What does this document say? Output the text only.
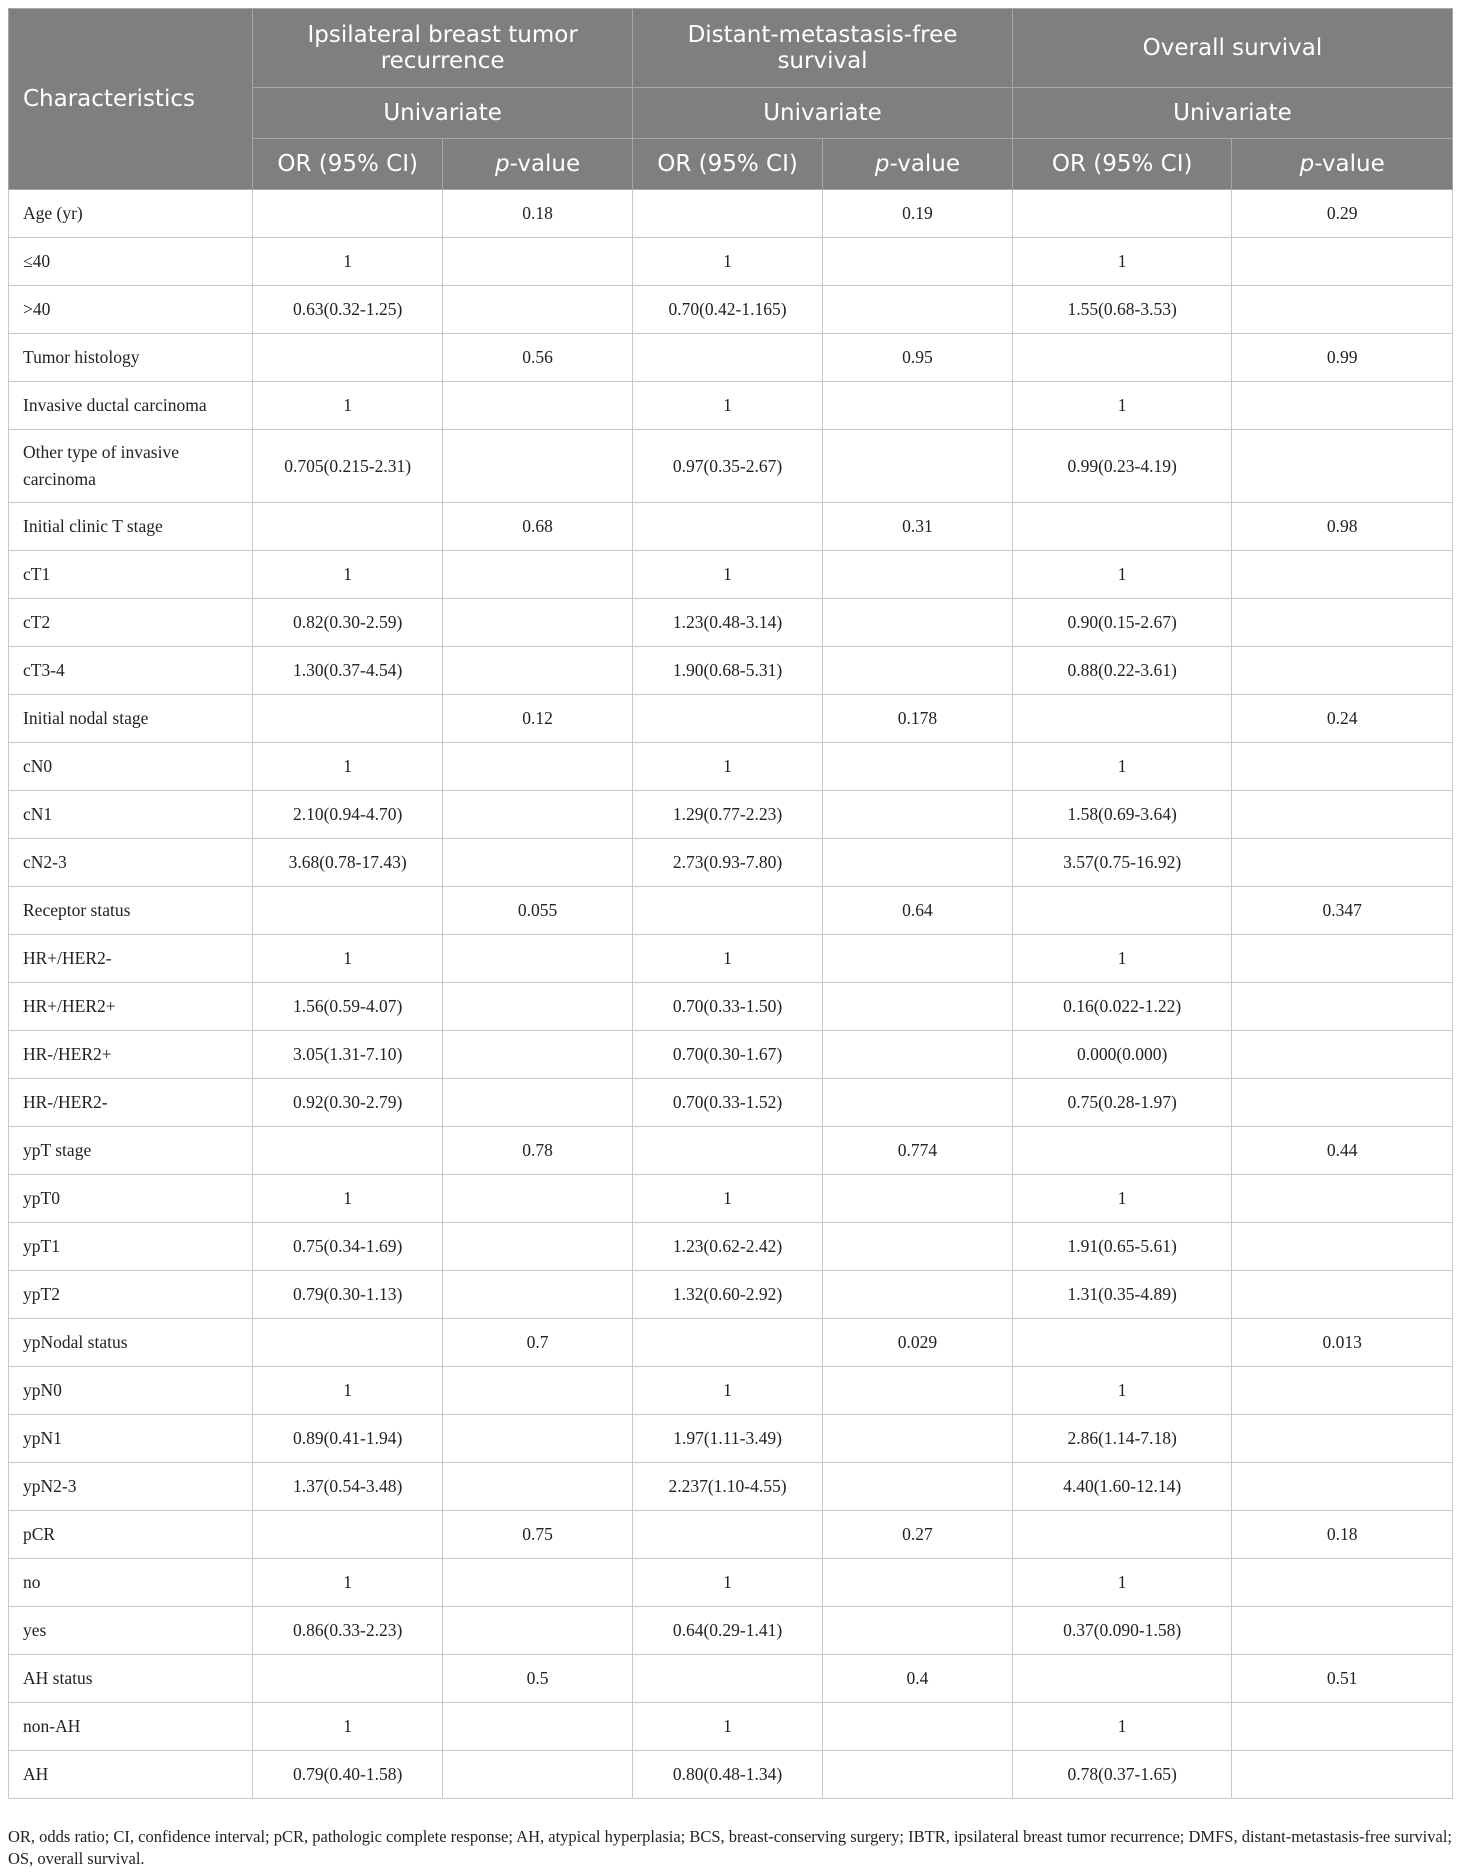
Characteristics	Ipsilateral breast tumor recurrence		Distant-metastasis-free survival		Overall survival	
	Univariate		Univariate		Univariate	
	OR (95% CI)	p-value	OR (95% CI)	p-value	OR (95% CI)	p-value
Age (yr)		0.18		0.19		0.29
≤40	1		1		1	
>40	0.63(0.32-1.25)		0.70(0.42-1.165)		1.55(0.68-3.53)	
Tumor histology		0.56		0.95		0.99
Invasive ductal carcinoma	1		1		1	
Other type of invasive carcinoma	0.705(0.215-2.31)		0.97(0.35-2.67)		0.99(0.23-4.19)	
Initial clinic T stage		0.68		0.31		0.98
cT1	1		1		1	
cT2	0.82(0.30-2.59)		1.23(0.48-3.14)		0.90(0.15-2.67)	
cT3-4	1.30(0.37-4.54)		1.90(0.68-5.31)		0.88(0.22-3.61)	
Initial nodal stage		0.12		0.178		0.24
cN0	1		1		1	
cN1	2.10(0.94-4.70)		1.29(0.77-2.23)		1.58(0.69-3.64)	
cN2-3	3.68(0.78-17.43)		2.73(0.93-7.80)		3.57(0.75-16.92)	
Receptor status		0.055		0.64		0.347
HR+/HER2-	1		1		1	
HR+/HER2+	1.56(0.59-4.07)		0.70(0.33-1.50)		0.16(0.022-1.22)	
HR-/HER2+	3.05(1.31-7.10)		0.70(0.30-1.67)		0.000(0.000)	
HR-/HER2-	0.92(0.30-2.79)		0.70(0.33-1.52)		0.75(0.28-1.97)	
ypT stage		0.78		0.774		0.44
ypT0	1		1		1	
ypT1	0.75(0.34-1.69)		1.23(0.62-2.42)		1.91(0.65-5.61)	
ypT2	0.79(0.30-1.13)		1.32(0.60-2.92)		1.31(0.35-4.89)	
ypNodal status		0.7		0.029		0.013
ypN0	1		1		1	
ypN1	0.89(0.41-1.94)		1.97(1.11-3.49)		2.86(1.14-7.18)	
ypN2-3	1.37(0.54-3.48)		2.237(1.10-4.55)		4.40(1.60-12.14)	
pCR		0.75		0.27		0.18
no	1		1		1	
yes	0.86(0.33-2.23)		0.64(0.29-1.41)		0.37(0.090-1.58)	
AH status		0.5		0.4		0.51
non-AH	1		1		1	
AH	0.79(0.40-1.58)		0.80(0.48-1.34)		0.78(0.37-1.65)	
OR, odds ratio; CI, confidence interval; pCR, pathologic complete response; AH, atypical hyperplasia; BCS, breast-conserving surgery; IBTR, ipsilateral breast tumor recurrence; DMFS, distant-metastasis-free survival; OS, overall survival.
